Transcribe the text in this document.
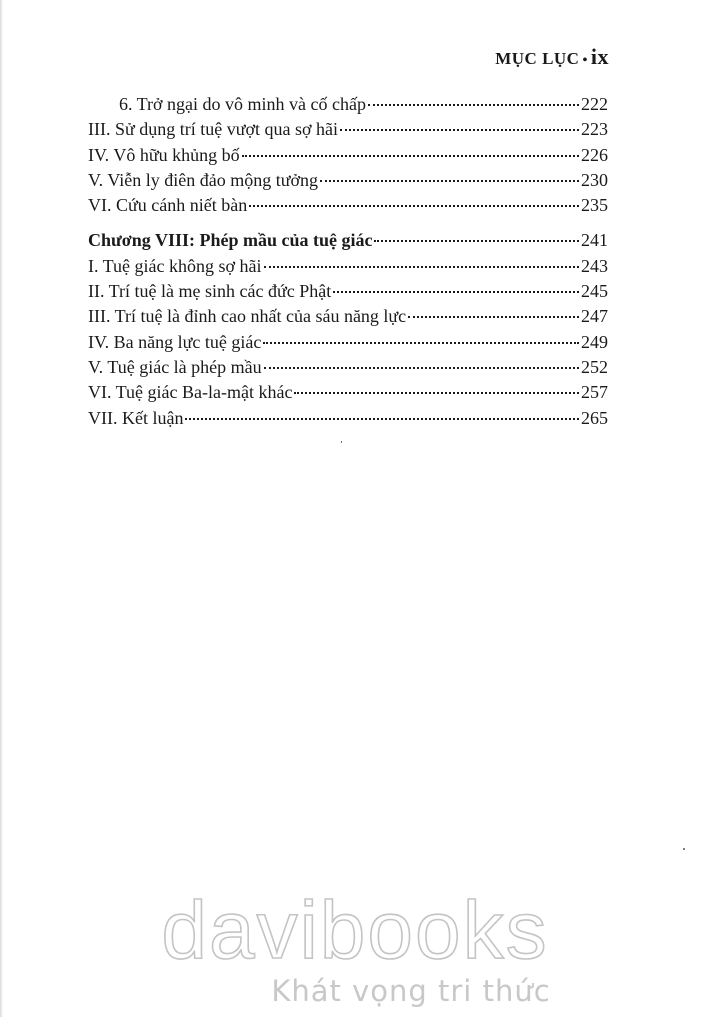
MỤC LỤC • ix
6. Trở ngại do vô minh và cố chấp	222
III. Sử dụng trí tuệ vượt qua sợ hãi	223
IV. Vô hữu khủng bố	226
V. Viễn ly điên đảo mộng tưởng	230
VI. Cứu cánh niết bàn	235
Chương VIII: Phép mầu của tuệ giác	241
I. Tuệ giác không sợ hãi	243
II. Trí tuệ là mẹ sinh các đức Phật	245
III. Trí tuệ là đỉnh cao nhất của sáu năng lực	247
IV. Ba năng lực tuệ giác	249
V. Tuệ giác là phép mầu	252
VI. Tuệ giác Ba-la-mật khác	257
VII. Kết luận	265
davibooks
Khát vọng tri thức
